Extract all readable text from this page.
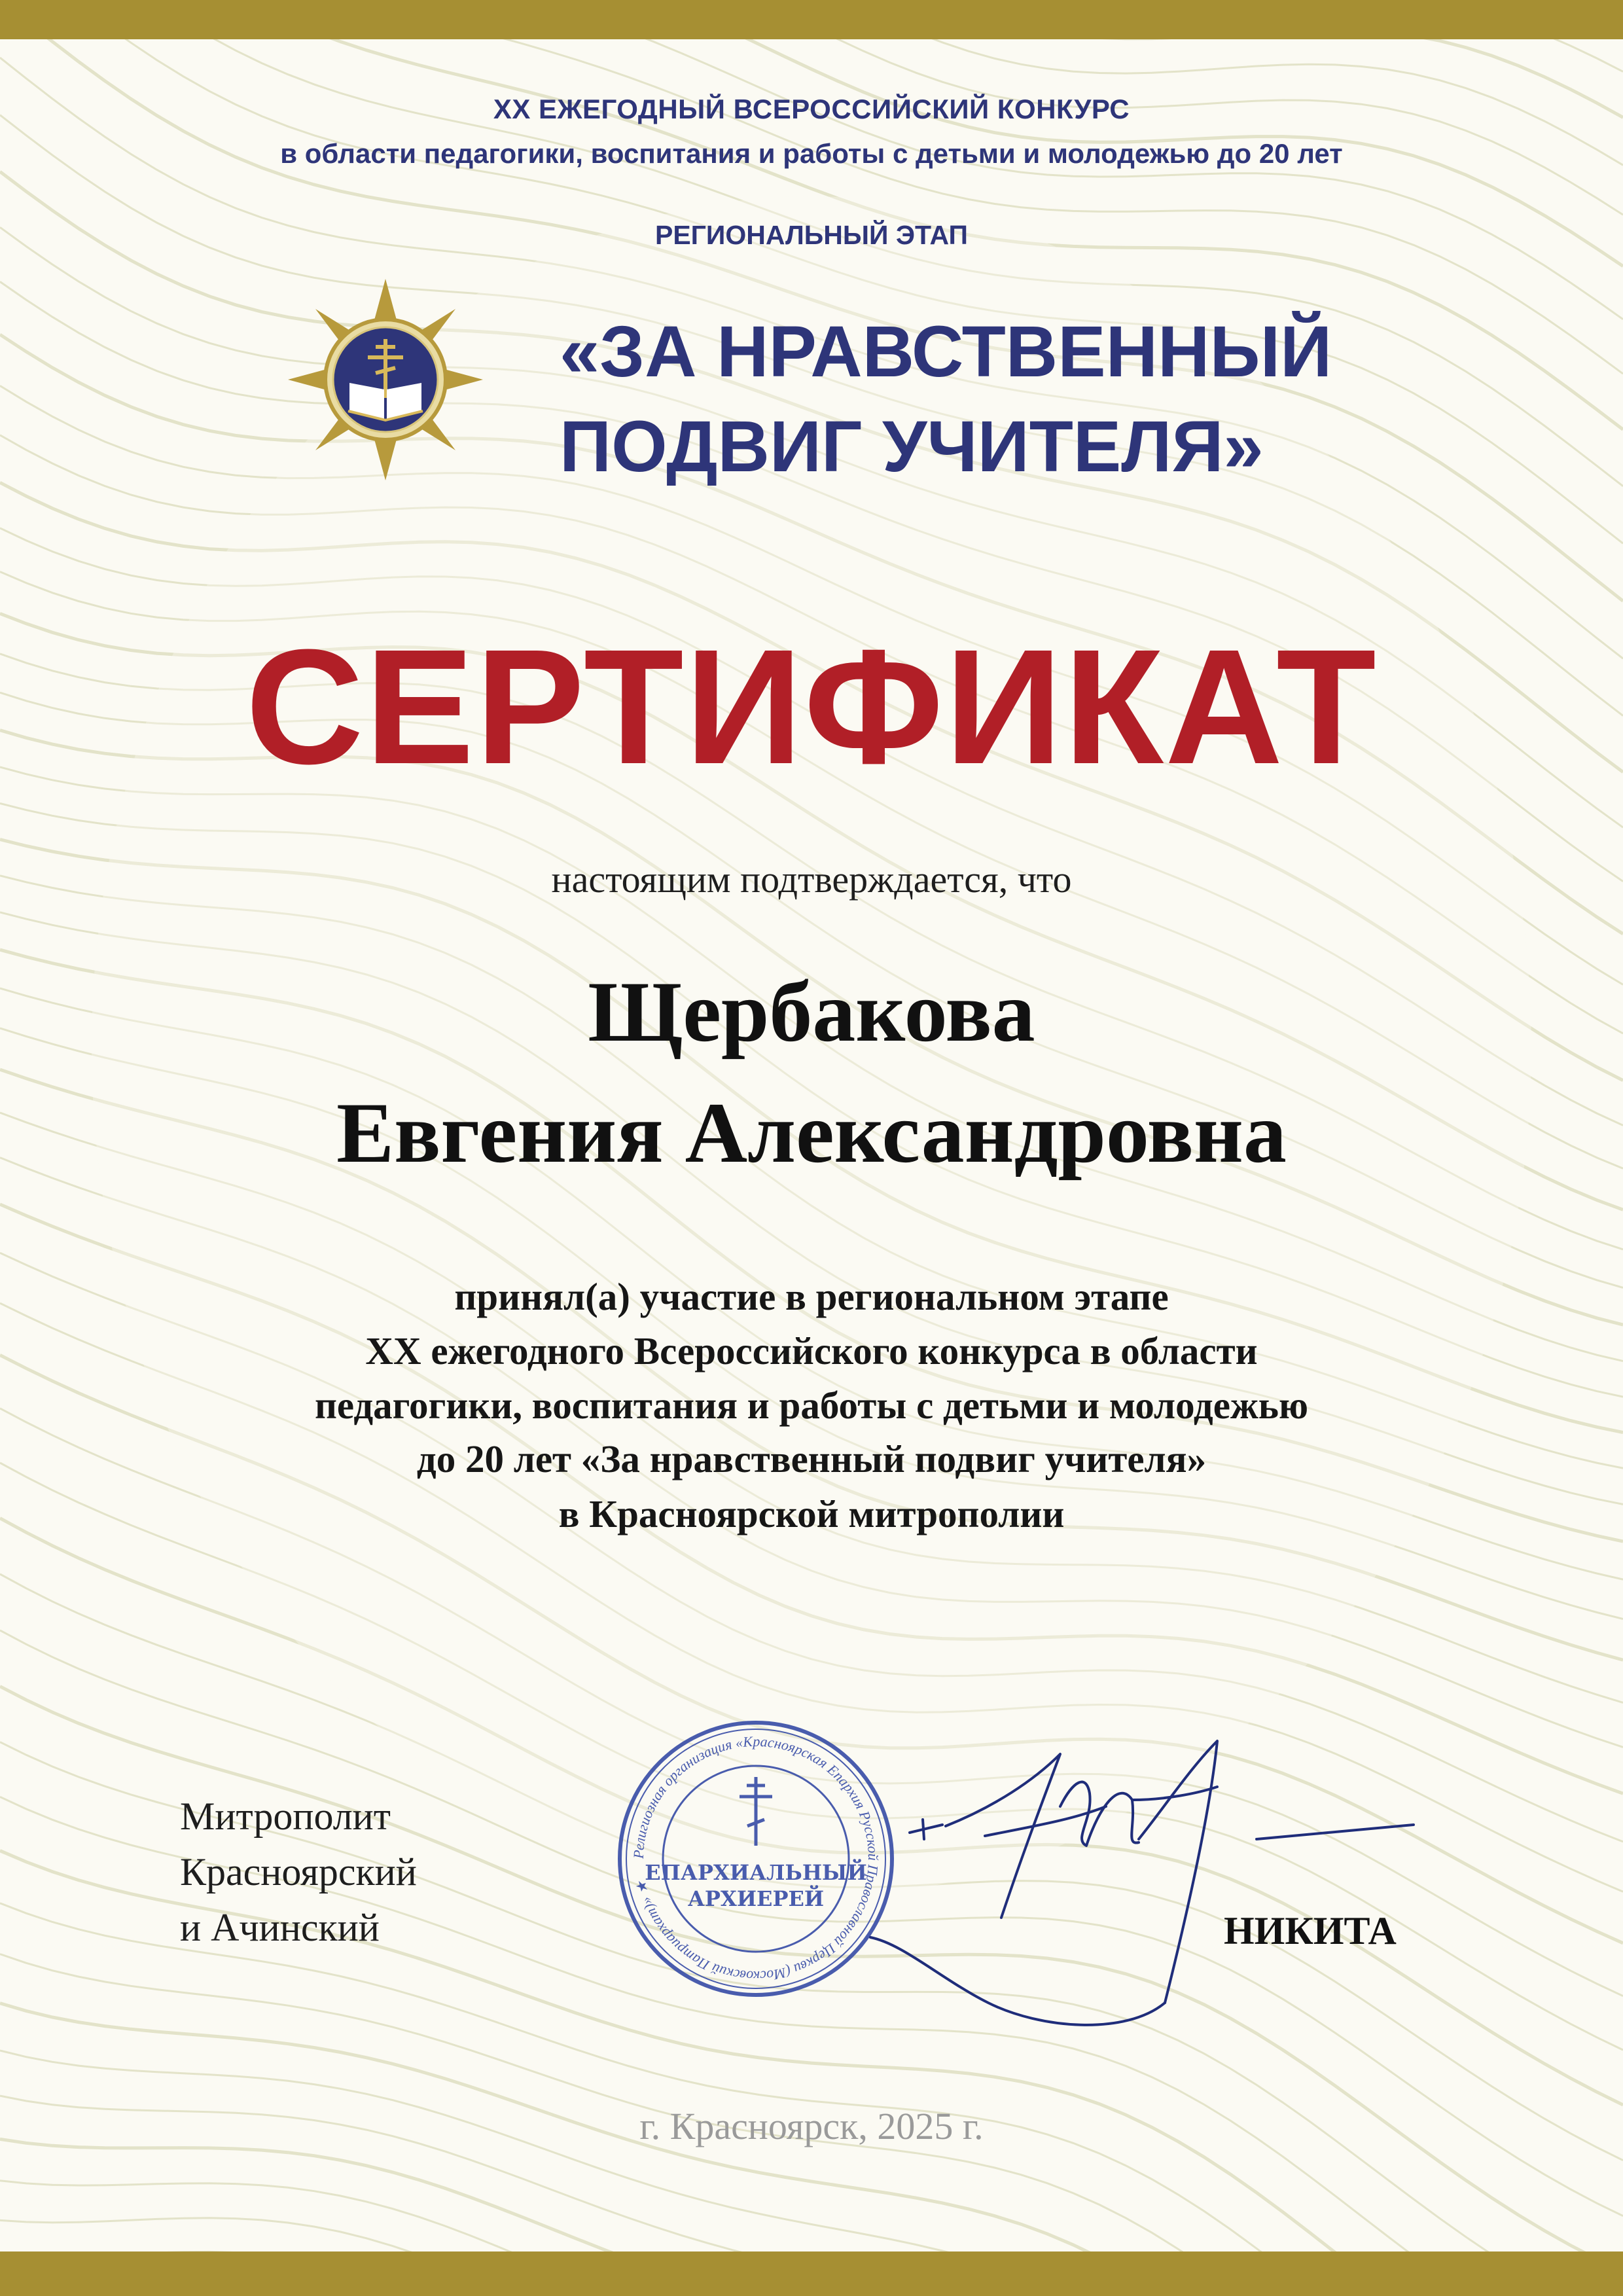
XX ЕЖЕГОДНЫЙ ВСЕРОССИЙСКИЙ КОНКУРС

в области педагогики, воспитания и работы с детьми и молодежью до 20 лет

РЕГИОНАЛЬНЫЙ ЭТАП

«ЗА НРАВСТВЕННЫЙ

ПОДВИГ УЧИТЕЛЯ»

СЕРТИФИКАТ

настоящим подтверждается, что

Щербакова

Евгения Александровна

принял(а) участие в региональном этапе

XX ежегодного Всероссийского конкурса в области

педагогики, воспитания и работы с детьми и молодежью

до 20 лет «За нравственный подвиг учителя»

в Красноярской митрополии

Митрополит

Красноярский

и Ачинский

Религиозная организация «Красноярская Епархия Русской Православной Церкви (Московский Патриархат)» ★
ЕПАРХИАЛЬНЫЙ
АРХИЕРЕЙ

НИКИТА

г. Красноярск, 2025 г.
